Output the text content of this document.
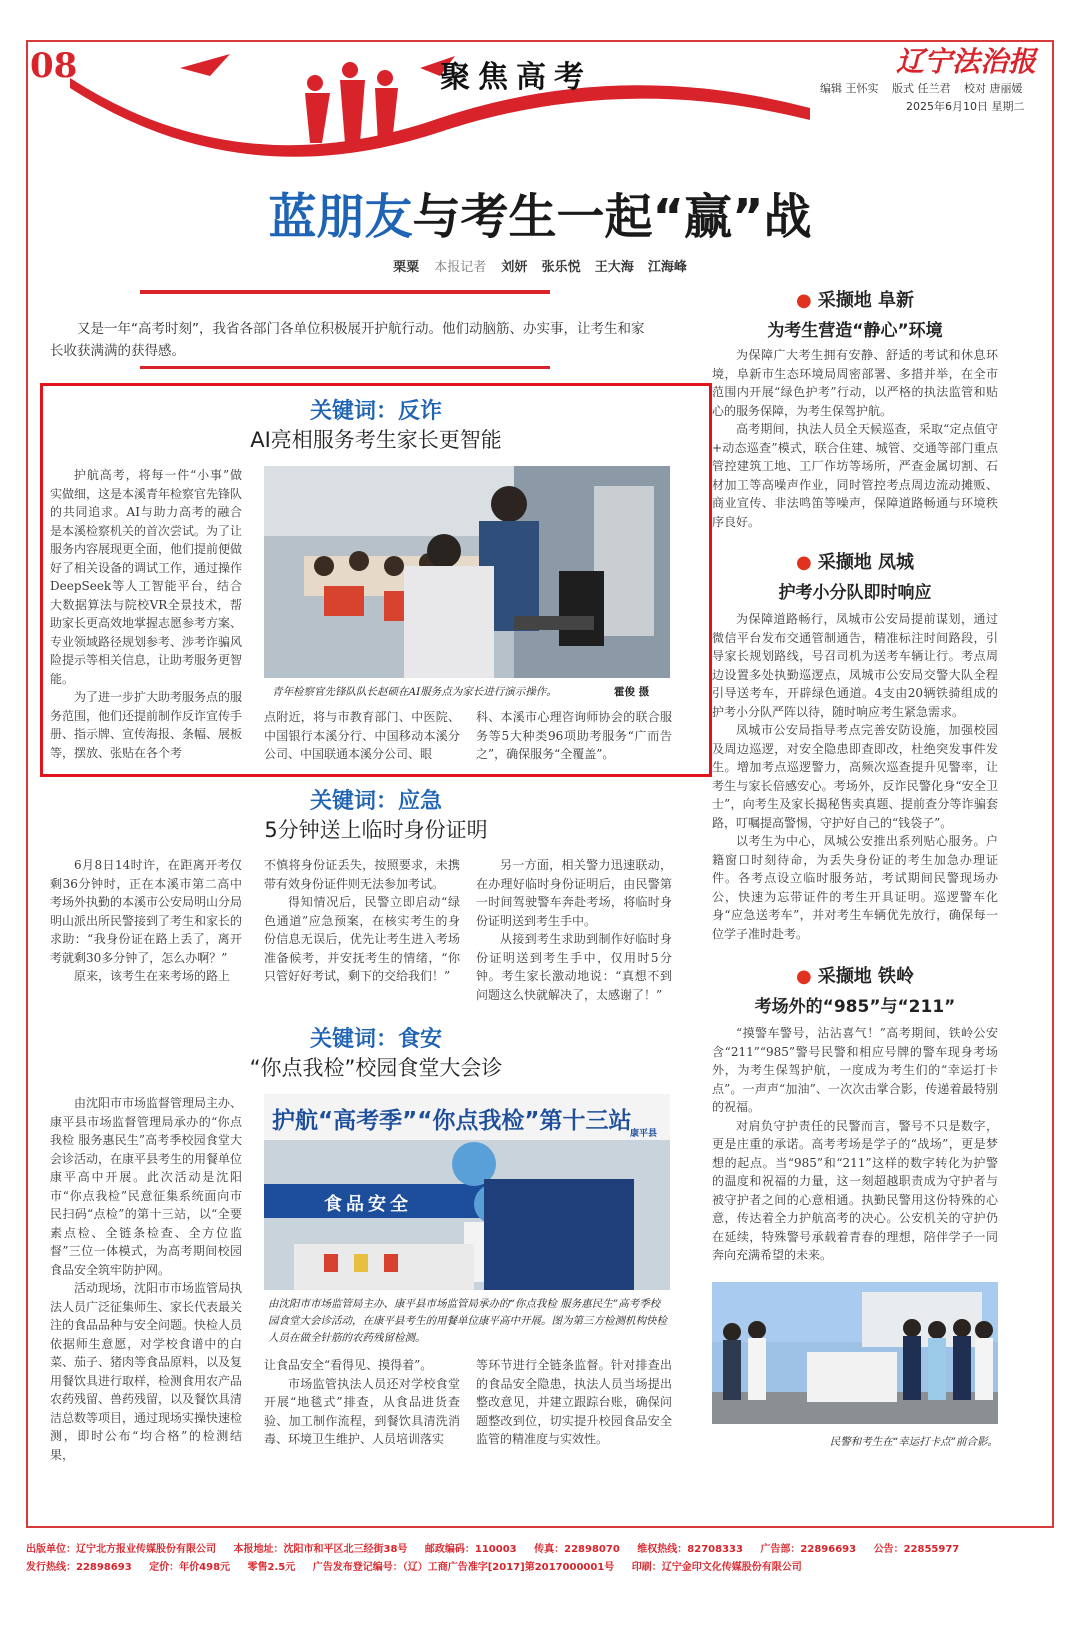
08	聚焦高考	辽宁法治报
编辑 王怀实 版式 任兰君 校对 唐丽媛
2025年6月10日 星期二
蓝朋友与考生一起“赢”战
栗粟 本报记者 刘妍 张乐悦 王大海 江海峰
又是一年“高考时刻”，我省各部门各单位积极展开护航行动。他们动脑筋、办实事，让考生和家长收获满满的获得感。
关键词：反诈
AI亮相服务考生家长更智能

护航高考，将每一件“小事”做实做细，这是本溪青年检察官先锋队的共同追求。AI与助力高考的融合是本溪检察机关的首次尝试。为了让服务内容展现更全面，他们提前便做好了相关设备的调试工作，通过操作DeepSeek等人工智能平台，结合大数据算法与院校VR全景技术，帮助家长更高效地掌握志愿参考方案、专业领域路径规划参考、涉考诈骗风险提示等相关信息，让助考服务更智能。

为了进一步扩大助考服务点的服务范围，他们还提前制作反诈宣传手册、指示牌、宣传海报、条幅、展板等，摆放、张贴在各个考

青年检察官先锋队队长赵硕在AI服务点为家长进行演示操作。	霍俊 摄

点附近，将与市教育部门、中医院、中国银行本溪分行、中国移动本溪分公司、中国联通本溪分公司、眼

科、本溪市心理咨询师协会的联合服务等5大种类96项助考服务“广而告之”，确保服务“全覆盖”。

关键词：应急
5分钟送上临时身份证明

6月8日14时许，在距离开考仅剩36分钟时，正在本溪市第二高中考场外执勤的本溪市公安局明山分局明山派出所民警接到了考生和家长的求助：“我身份证在路上丢了，离开考就剩30多分钟了，怎么办啊？”

原来，该考生在来考场的路上

不慎将身份证丢失，按照要求，未携带有效身份证件则无法参加考试。

得知情况后，民警立即启动“绿色通道”应急预案，在核实考生的身份信息无误后，优先让考生进入考场准备候考，并安抚考生的情绪，“你只管好好考试，剩下的交给我们！”

另一方面，相关警力迅速联动，在办理好临时身份证明后，由民警第一时间驾驶警车奔赴考场，将临时身份证明送到考生手中。

从接到考生求助到制作好临时身份证明送到考生手中，仅用时5分钟。考生家长激动地说：“真想不到问题这么快就解决了，太感谢了！”

关键词：食安
“你点我检”校园食堂大会诊

由沈阳市市场监督管理局主办、康平县市场监督管理局承办的“你点我检 服务惠民生”高考季校园食堂大会诊活动，在康平县考生的用餐单位康平高中开展。此次活动是沈阳市“你点我检”民意征集系统面向市民扫码“点检”的第十三站，以“全要素点检、全链条检查、全方位监督”三位一体模式，为高考期间校园食品安全筑牢防护网。

活动现场，沈阳市市场监管局执法人员广泛征集师生、家长代表最关注的食品品种与安全问题。快检人员依据师生意愿，对学校食谱中的白菜、茄子、猪肉等食品原料，以及复用餐饮具进行取样，检测食用农产品农药残留、兽药残留，以及餐饮具清洁总数等项目，通过现场实操快速检测，即时公布“均合格”的检测结果，

护航“高考季”“你点我检”第十三站
康平县
食品安全
由沈阳市市场监管局主办、康平县市场监管局承办的“你点我检 服务惠民生”高考季校园食堂大会诊活动，在康平县考生的用餐单位康平高中开展。图为第三方检测机构快检人员在做全针筋的农药残留检测。

让食品安全“看得见、摸得着”。

市场监管执法人员还对学校食堂开展“地毯式”排查，从食品进货查验、加工制作流程，到餐饮具清洗消毒、环境卫生维护、人员培训落实

等环节进行全链条监督。针对排查出的食品安全隐患，执法人员当场提出整改意见，并建立跟踪台账，确保问题整改到位，切实提升校园食品安全监管的精准度与实效性。

● 采撷地 阜新
为考生营造“静心”环境

为保障广大考生拥有安静、舒适的考试和休息环境，阜新市生态环境局周密部署、多措并举，在全市范围内开展“绿色护考”行动，以严格的执法监管和贴心的服务保障，为考生保驾护航。

高考期间，执法人员全天候巡查，采取“定点值守+动态巡查”模式，联合住建、城管、交通等部门重点管控建筑工地、工厂作坊等场所，严查金属切割、石材加工等高噪声作业，同时管控考点周边流动摊贩、商业宣传、非法鸣笛等噪声，保障道路畅通与环境秩序良好。

● 采撷地 凤城
护考小分队即时响应

为保障道路畅行，凤城市公安局提前谋划，通过微信平台发布交通管制通告，精准标注时间路段，引导家长规划路线，号召司机为送考车辆让行。考点周边设置多处执勤巡逻点，凤城市公安局交警大队全程引导送考车，开辟绿色通道。4支由20辆铁骑组成的护考小分队严阵以待，随时响应考生紧急需求。

凤城市公安局指导考点完善安防设施，加强校园及周边巡逻，对安全隐患即查即改，杜绝突发事件发生。增加考点巡逻警力，高频次巡查提升见警率，让考生与家长倍感安心。考场外，反诈民警化身“安全卫士”，向考生及家长揭秘售卖真题、提前查分等诈骗套路，叮嘱提高警惕，守护好自己的“钱袋子”。

以考生为中心，凤城公安推出系列贴心服务。户籍窗口时刻待命，为丢失身份证的考生加急办理证件。各考点设立临时服务站，考试期间民警现场办公，快速为忘带证件的考生开具证明。巡逻警车化身“应急送考车”，并对考生车辆优先放行，确保每一位学子准时赴考。

● 采撷地 铁岭
考场外的“985”与“211”

“摸警车警号，沾沾喜气！”高考期间，铁岭公安含“211”“985”警号民警和相应号牌的警车现身考场外，为考生保驾护航，一度成为考生们的“幸运打卡点”。一声声“加油”、一次次击掌合影，传递着最特别的祝福。

对肩负守护责任的民警而言，警号不只是数字，更是庄重的承诺。高考考场是学子的“战场”，更是梦想的起点。当“985”和“211”这样的数字转化为护警的温度和祝福的力量，这一刻超越职责成为守护者与被守护者之间的心意相通。执勤民警用这份特殊的心意，传达着全力护航高考的决心。公安机关的守护仍在延续，特殊警号承载着青春的理想，陪伴学子一同奔向充满希望的未来。

民警和考生在“幸运打卡点”前合影。
出版单位：辽宁北方报业传媒股份有限公司 本报地址：沈阳市和平区北三经街38号 邮政编码：110003 传真：22898070 维权热线：82708333 广告部：22896693 公告：22855977
发行热线：22898693 定价：年价498元 零售2.5元 广告发布登记编号：（辽）工商广告准字[2017]第2017000001号 印刷：辽宁金印文化传媒股份有限公司
